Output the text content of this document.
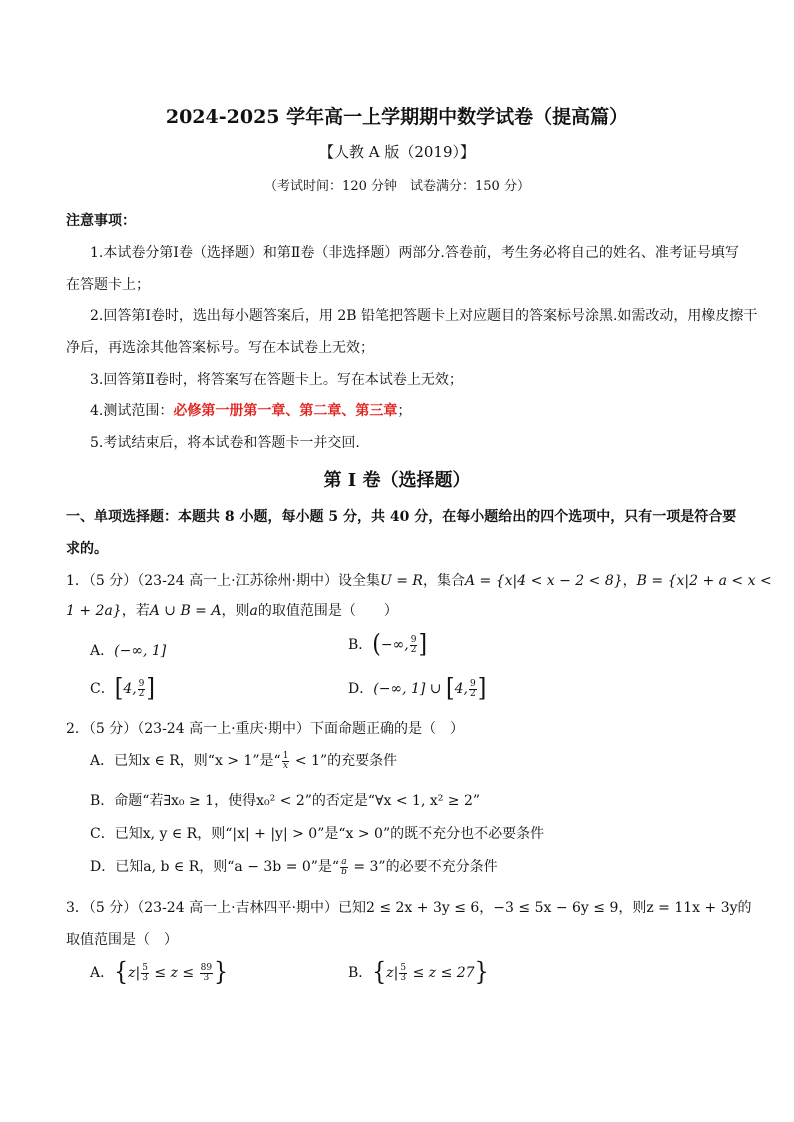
2024-2025 学年高一上学期期中数学试卷（提高篇）
【人教 A 版（2019）】
（考试时间：120 分钟　试卷满分：150 分）
注意事项：
1.本试卷分第Ⅰ卷（选择题）和第Ⅱ卷（非选择题）两部分.答卷前，考生务必将自己的姓名、准考证号填写
在答题卡上；
2.回答第Ⅰ卷时，选出每小题答案后，用 2B 铅笔把答题卡上对应题目的答案标号涂黑.如需改动，用橡皮擦干
净后，再选涂其他答案标号。写在本试卷上无效；
3.回答第Ⅱ卷时，将答案写在答题卡上。写在本试卷上无效；
4.测试范围：必修第一册第一章、第二章、第三章；
5.考试结束后，将本试卷和答题卡一并交回.
第 I 卷（选择题）
一、单项选择题：本题共 8 小题，每小题 5 分，共 40 分，在每小题给出的四个选项中，只有一项是符合要
求的。
1．（5 分）（23-24 高一上·江苏徐州·期中）设全集U = R，集合A = {x|4 < x − 2 < 8}，B = {x|2 + a < x <
1 + 2a}，若A ∪ B = A，则a的取值范围是（　　）
A．(−∞, 1]	B．(−∞, $\frac{9}{2}$ ]
C．[4, $\frac{9}{2}$ ]	D．(−∞, 1] ∪ [4, $\frac{9}{2}$ ]
2．（5 分）（23-24 高一上·重庆·期中）下面命题正确的是（　）
A．已知x ∈ R，则“x > 1”是“ $\frac{1}{x} < 1$”的充要条件
B．命题“若∃x₀ ≥ 1，使得x₀² < 2”的否定是“∀x < 1, x² ≥ 2”
C．已知x, y ∈ R，则“|x| + |y| > 0”是“x > 0”的既不充分也不必要条件
D．已知a, b ∈ R，则“a − 3b = 0”是“ $\frac{a}{b} = 3$”的必要不充分条件
3．（5 分）（23-24 高一上·吉林四平·期中）已知2 ≤ 2x + 3y ≤ 6，−3 ≤ 5x − 6y ≤ 9，则z = 11x + 3y的
取值范围是（　）
A．{$z| \frac{5}{3} \le z \le \frac{89}{3}$ }	B．$\{z| \frac{5}{3} \le z \le 27\}$
